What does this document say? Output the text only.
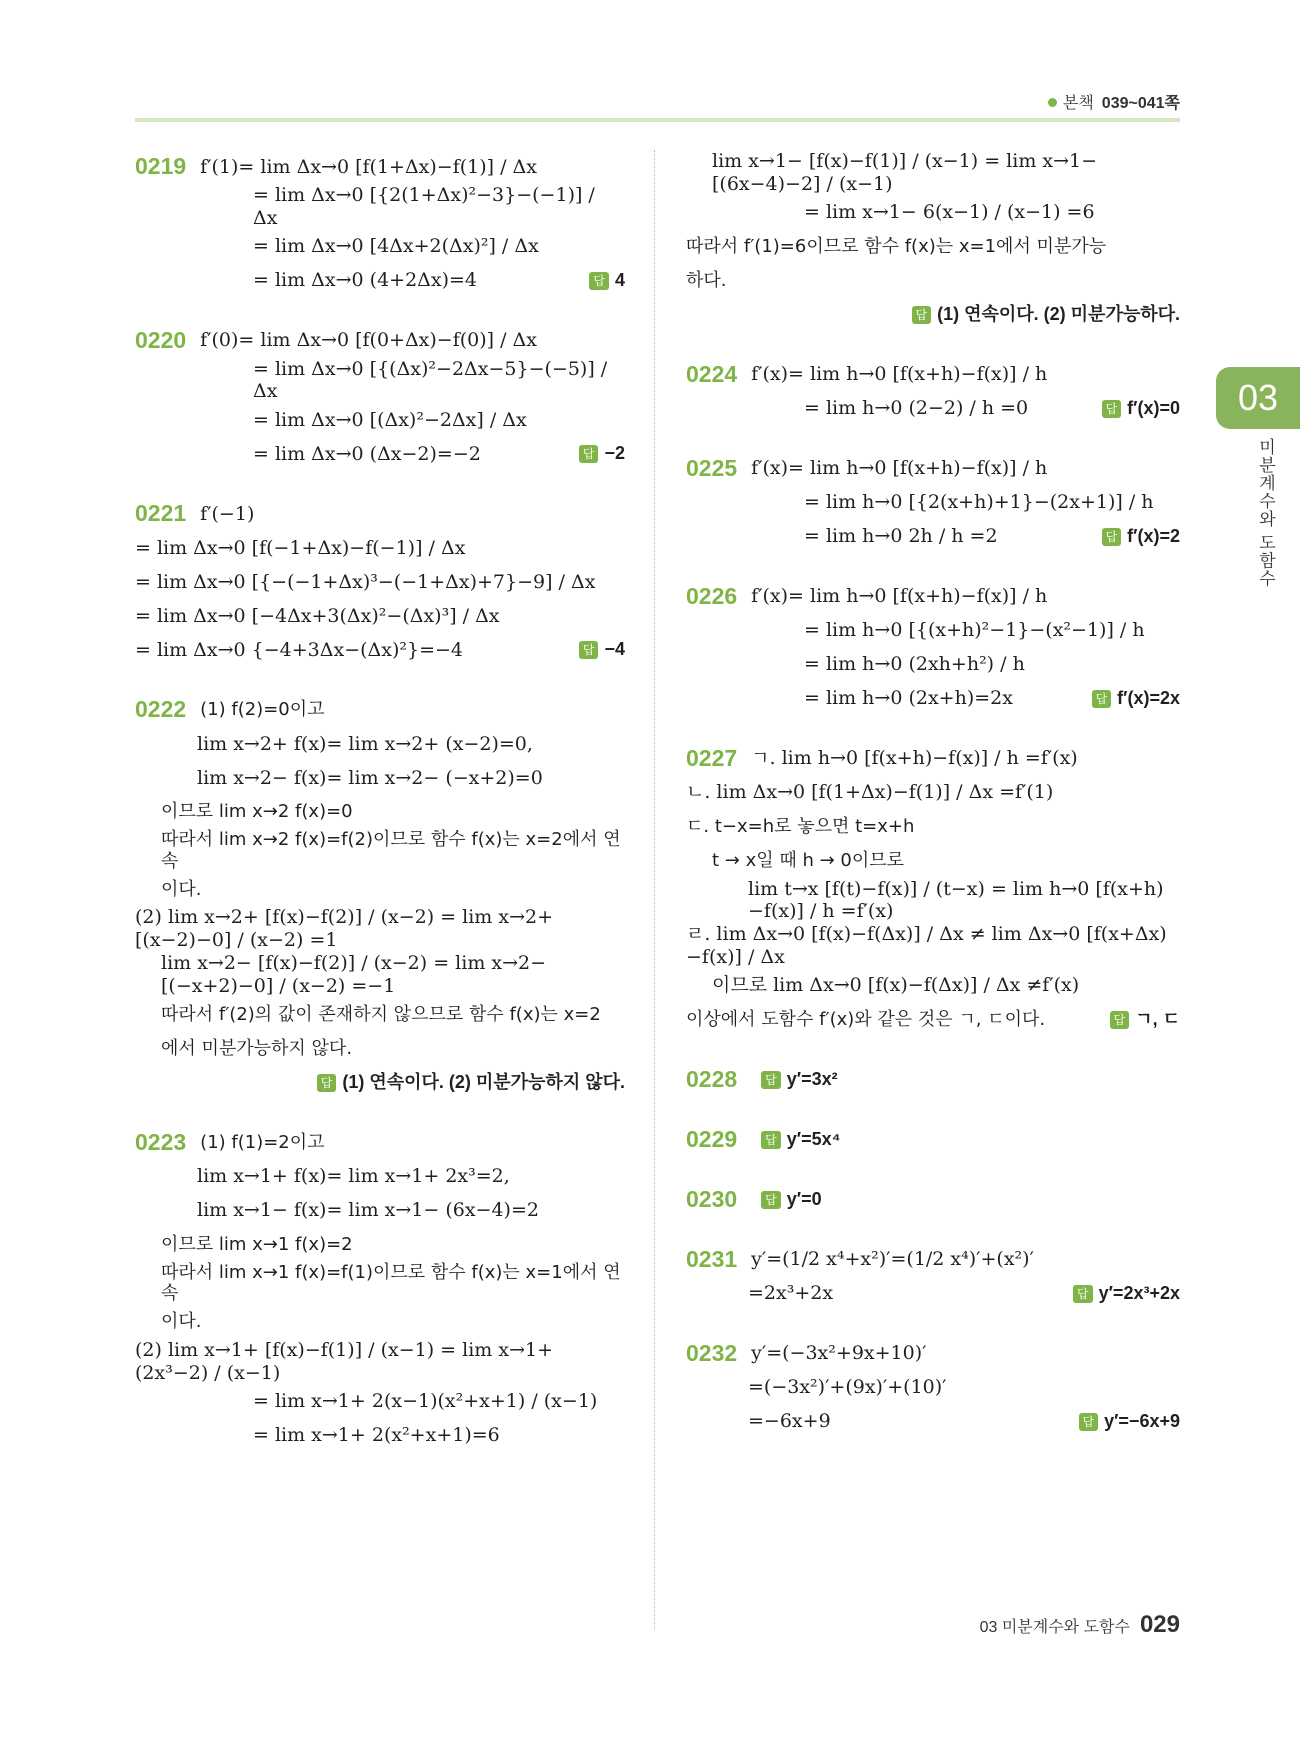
본책 039~041쪽
03
미분계수와 도함수
0219 f′(1)= lim Δx→0 [f(1+Δx)−f(1)] / Δx
= lim Δx→0 [{2(1+Δx)²−3}−(−1)] / Δx
= lim Δx→0 [4Δx+2(Δx)²] / Δx
= lim Δx→0 (4+2Δx)=4	답 4
0220 f′(0)= lim Δx→0 [f(0+Δx)−f(0)] / Δx
= lim Δx→0 [{(Δx)²−2Δx−5}−(−5)] / Δx
= lim Δx→0 [(Δx)²−2Δx] / Δx
= lim Δx→0 (Δx−2)=−2	답 −2
0221 f′(−1)
= lim Δx→0 [f(−1+Δx)−f(−1)] / Δx
= lim Δx→0 [{−(−1+Δx)³−(−1+Δx)+7}−9] / Δx
= lim Δx→0 [−4Δx+3(Δx)²−(Δx)³] / Δx
= lim Δx→0 {−4+3Δx−(Δx)²}=−4	답 −4
0222 (1) f(2)=0이고
lim x→2+ f(x)= lim x→2+ (x−2)=0,
lim x→2− f(x)= lim x→2− (−x+2)=0
이므로 lim x→2 f(x)=0
따라서 lim x→2 f(x)=f(2)이므로 함수 f(x)는 x=2에서 연속
이다.
(2) lim x→2+ [f(x)−f(2)] / (x−2) = lim x→2+ [(x−2)−0] / (x−2) =1
lim x→2− [f(x)−f(2)] / (x−2) = lim x→2− [(−x+2)−0] / (x−2) =−1
따라서 f′(2)의 값이 존재하지 않으므로 함수 f(x)는 x=2
에서 미분가능하지 않다.
답 (1) 연속이다. (2) 미분가능하지 않다.
0223 (1) f(1)=2이고
lim x→1+ f(x)= lim x→1+ 2x³=2,
lim x→1− f(x)= lim x→1− (6x−4)=2
이므로 lim x→1 f(x)=2
따라서 lim x→1 f(x)=f(1)이므로 함수 f(x)는 x=1에서 연속
이다.
(2) lim x→1+ [f(x)−f(1)] / (x−1) = lim x→1+ (2x³−2) / (x−1)
= lim x→1+ 2(x−1)(x²+x+1) / (x−1)
= lim x→1+ 2(x²+x+1)=6
lim x→1− [f(x)−f(1)] / (x−1) = lim x→1− [(6x−4)−2] / (x−1)
= lim x→1− 6(x−1) / (x−1) =6
따라서 f′(1)=6이므로 함수 f(x)는 x=1에서 미분가능
하다.
답 (1) 연속이다. (2) 미분가능하다.
0224 f′(x)= lim h→0 [f(x+h)−f(x)] / h
= lim h→0 (2−2) / h =0	답 f′(x)=0
0225 f′(x)= lim h→0 [f(x+h)−f(x)] / h
= lim h→0 [{2(x+h)+1}−(2x+1)] / h
= lim h→0 2h / h =2	답 f′(x)=2
0226 f′(x)= lim h→0 [f(x+h)−f(x)] / h
= lim h→0 [{(x+h)²−1}−(x²−1)] / h
= lim h→0 (2xh+h²) / h
= lim h→0 (2x+h)=2x	답 f′(x)=2x
0227 ㄱ. lim h→0 [f(x+h)−f(x)] / h =f′(x)
ㄴ. lim Δx→0 [f(1+Δx)−f(1)] / Δx =f′(1)
ㄷ. t−x=h로 놓으면 t=x+h
t → x일 때 h → 0이므로
lim t→x [f(t)−f(x)] / (t−x) = lim h→0 [f(x+h)−f(x)] / h =f′(x)
ㄹ. lim Δx→0 [f(x)−f(Δx)] / Δx ≠ lim Δx→0 [f(x+Δx)−f(x)] / Δx
이므로 lim Δx→0 [f(x)−f(Δx)] / Δx ≠f′(x)
이상에서 도함수 f′(x)와 같은 것은 ㄱ, ㄷ이다.	답 ㄱ, ㄷ
0228	답 y′=3x²
0229	답 y′=5x⁴
0230	답 y′=0
0231 y′=(1/2 x⁴+x²)′=(1/2 x⁴)′+(x²)′
=2x³+2x	답 y′=2x³+2x
0232 y′=(−3x²+9x+10)′
=(−3x²)′+(9x)′+(10)′
=−6x+9	답 y′=−6x+9
03 미분계수와 도함수 029
